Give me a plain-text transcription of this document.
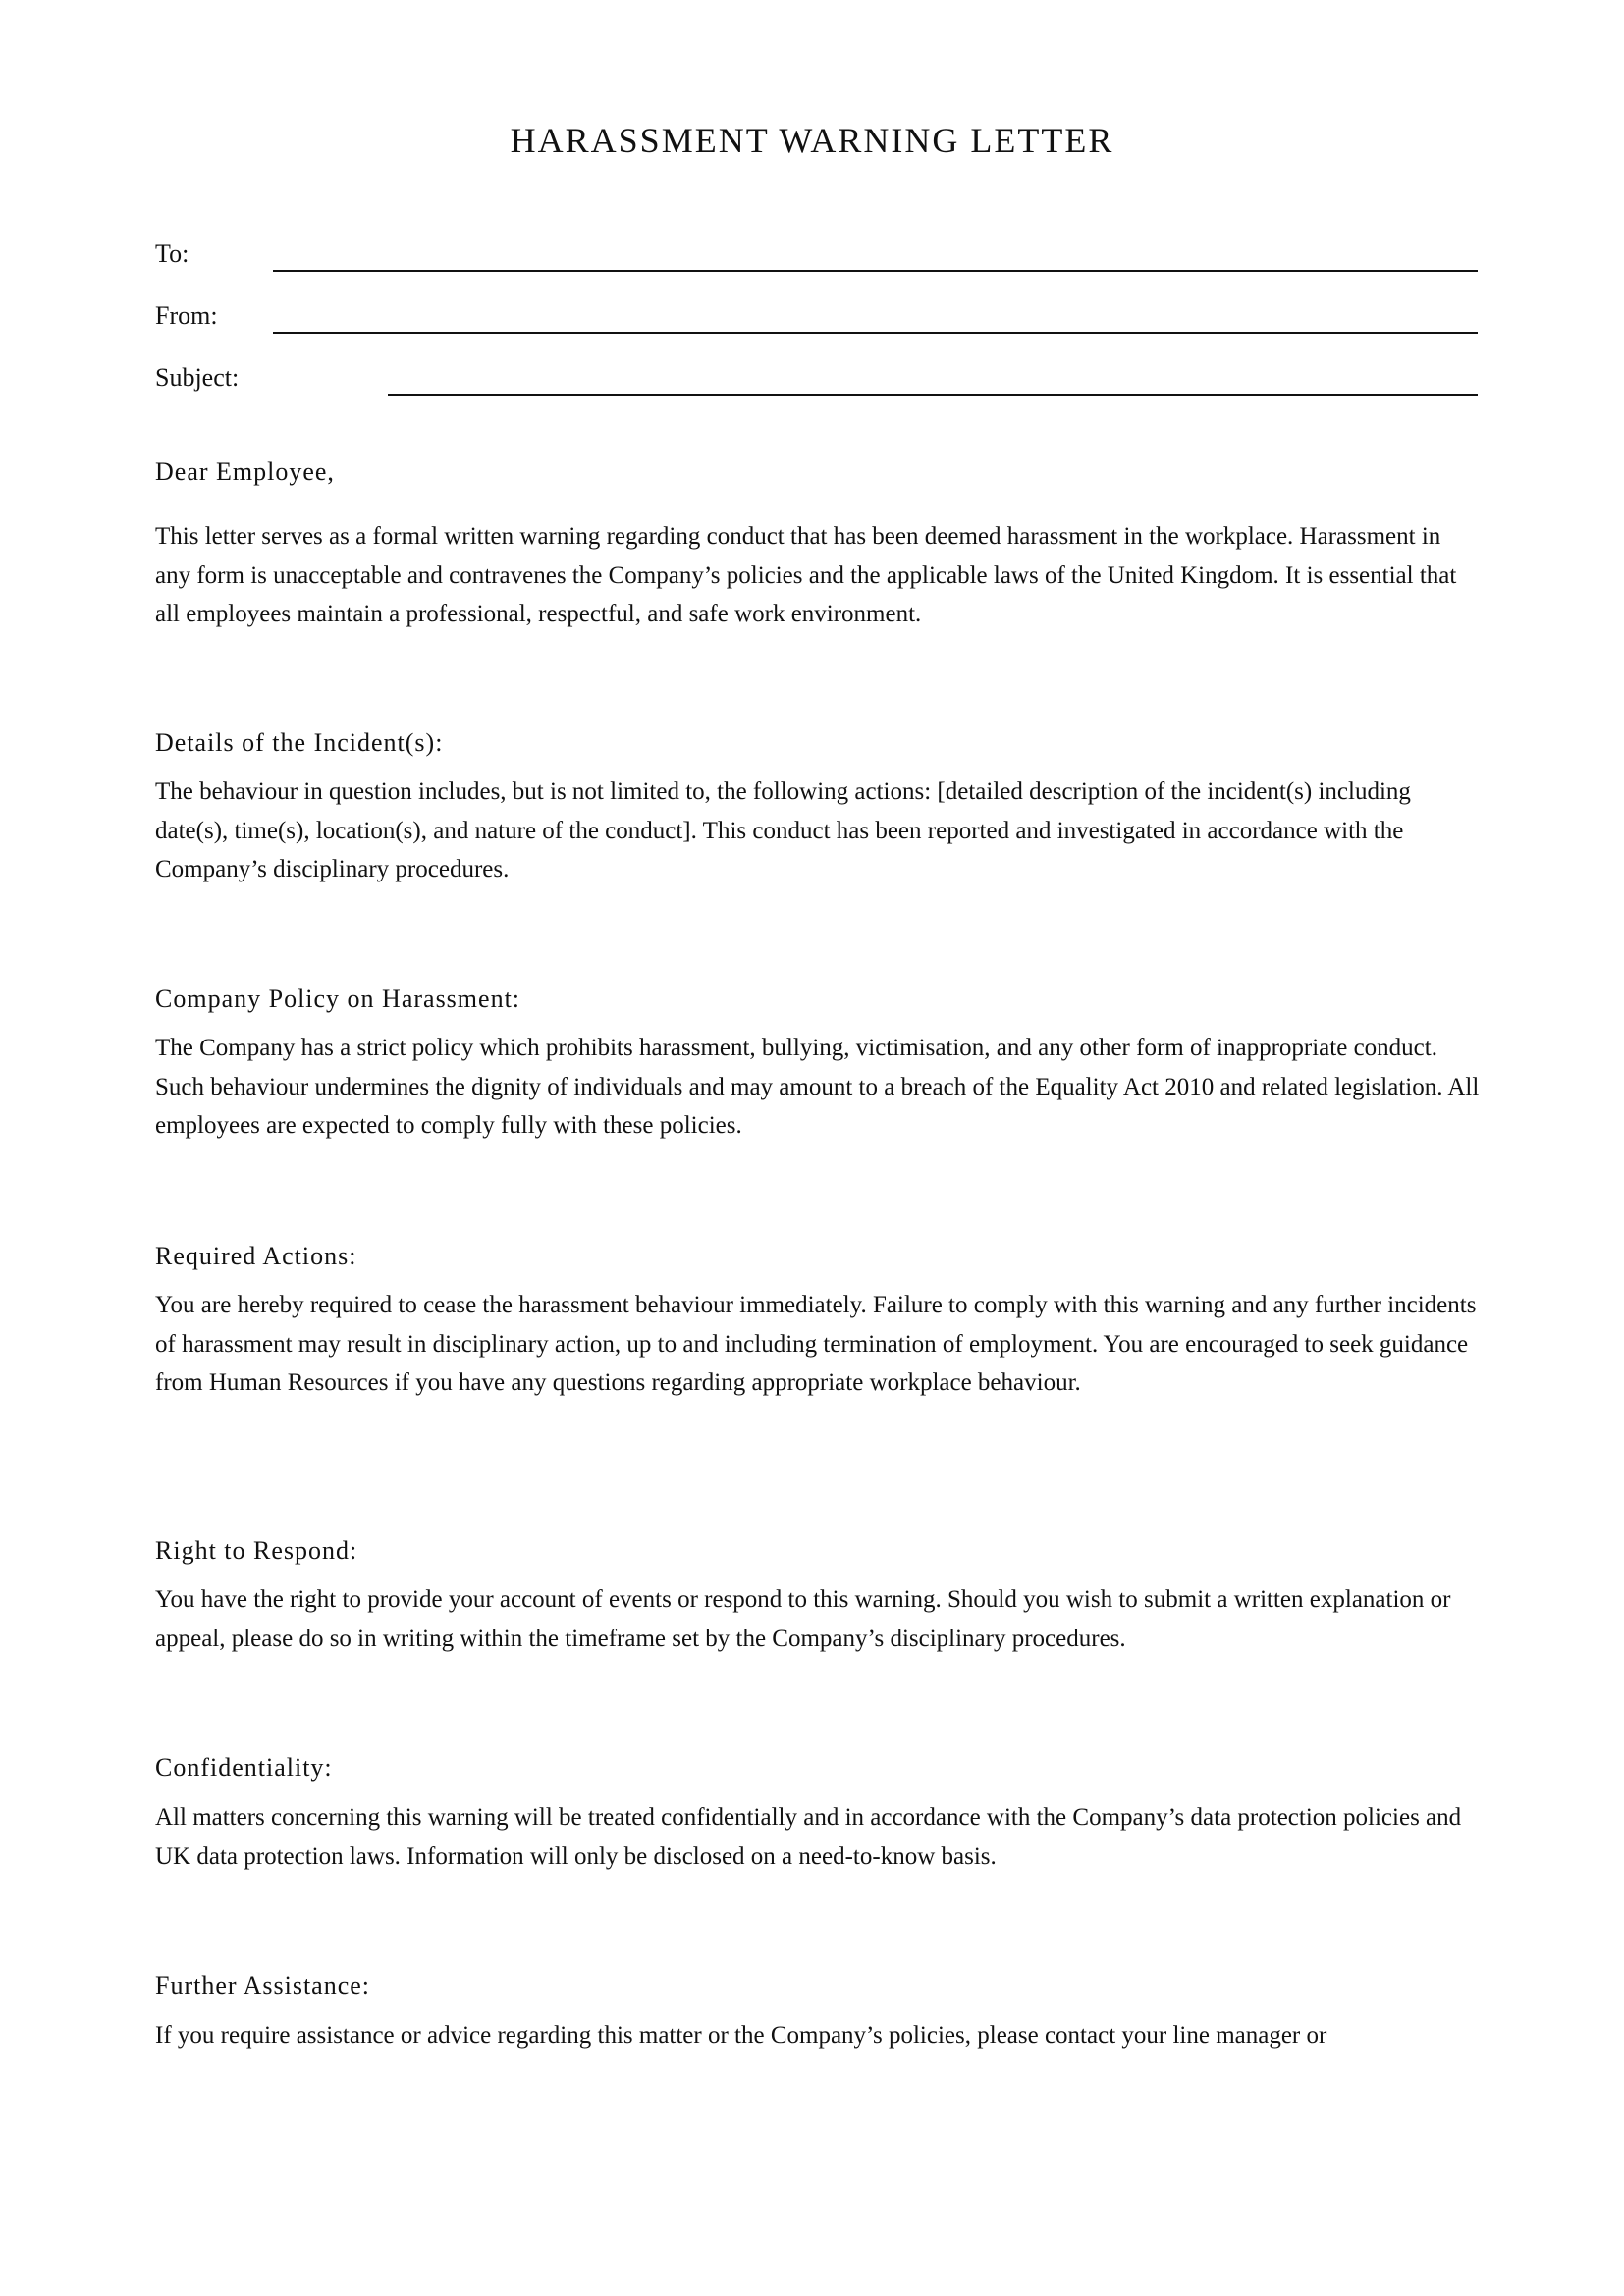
HARASSMENT WARNING LETTER
To:
From:
Subject:
Dear Employee,
This letter serves as a formal written warning regarding conduct that has been deemed harassment in the workplace. Harassment in any form is unacceptable and contravenes the Company’s policies and the applicable laws of the United Kingdom. It is essential that all employees maintain a professional, respectful, and safe work environment.
Details of the Incident(s):
The behaviour in question includes, but is not limited to, the following actions: [detailed description of the incident(s) including date(s), time(s), location(s), and nature of the conduct]. This conduct has been reported and investigated in accordance with the Company’s disciplinary procedures.
Company Policy on Harassment:
The Company has a strict policy which prohibits harassment, bullying, victimisation, and any other form of inappropriate conduct. Such behaviour undermines the dignity of individuals and may amount to a breach of the Equality Act 2010 and related legislation. All employees are expected to comply fully with these policies.
Required Actions:
You are hereby required to cease the harassment behaviour immediately. Failure to comply with this warning and any further incidents of harassment may result in disciplinary action, up to and including termination of employment. You are encouraged to seek guidance from Human Resources if you have any questions regarding appropriate workplace behaviour.
Right to Respond:
You have the right to provide your account of events or respond to this warning. Should you wish to submit a written explanation or appeal, please do so in writing within the timeframe set by the Company’s disciplinary procedures.
Confidentiality:
All matters concerning this warning will be treated confidentially and in accordance with the Company’s data protection policies and UK data protection laws. Information will only be disclosed on a need-to-know basis.
Further Assistance:
If you require assistance or advice regarding this matter or the Company’s policies, please contact your line manager or
